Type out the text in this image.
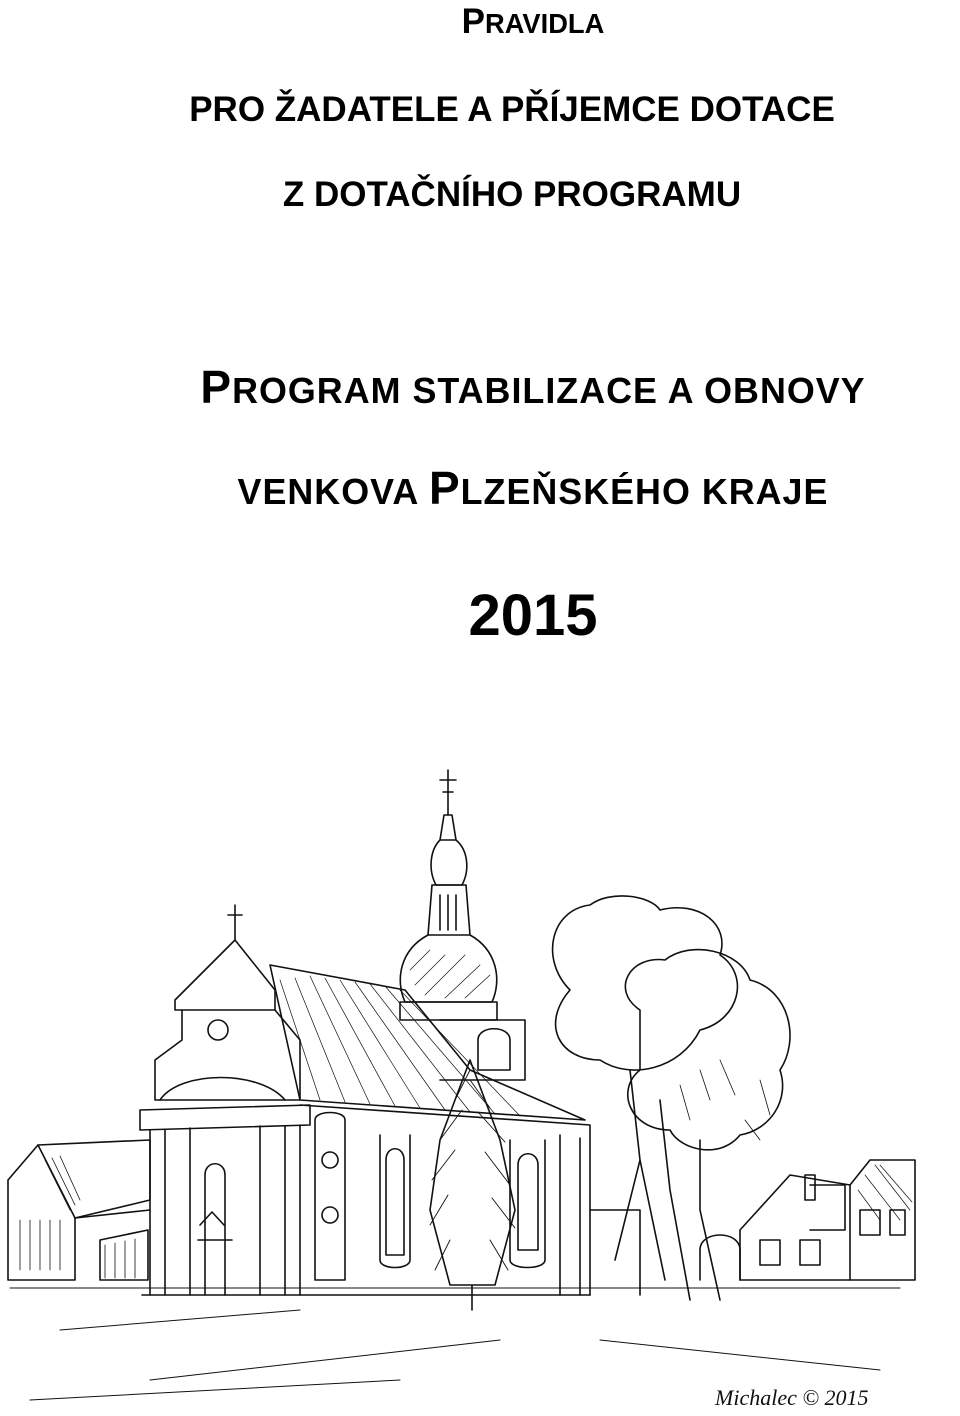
PRAVIDLA
PRO ŽADATELE A PŘÍJEMCE DOTACE
Z DOTAČNÍHO PROGRAMU
PROGRAM STABILIZACE A OBNOVY
VENKOVA PLZEŇSKÉHO KRAJE
2015
Michalec © 2015
